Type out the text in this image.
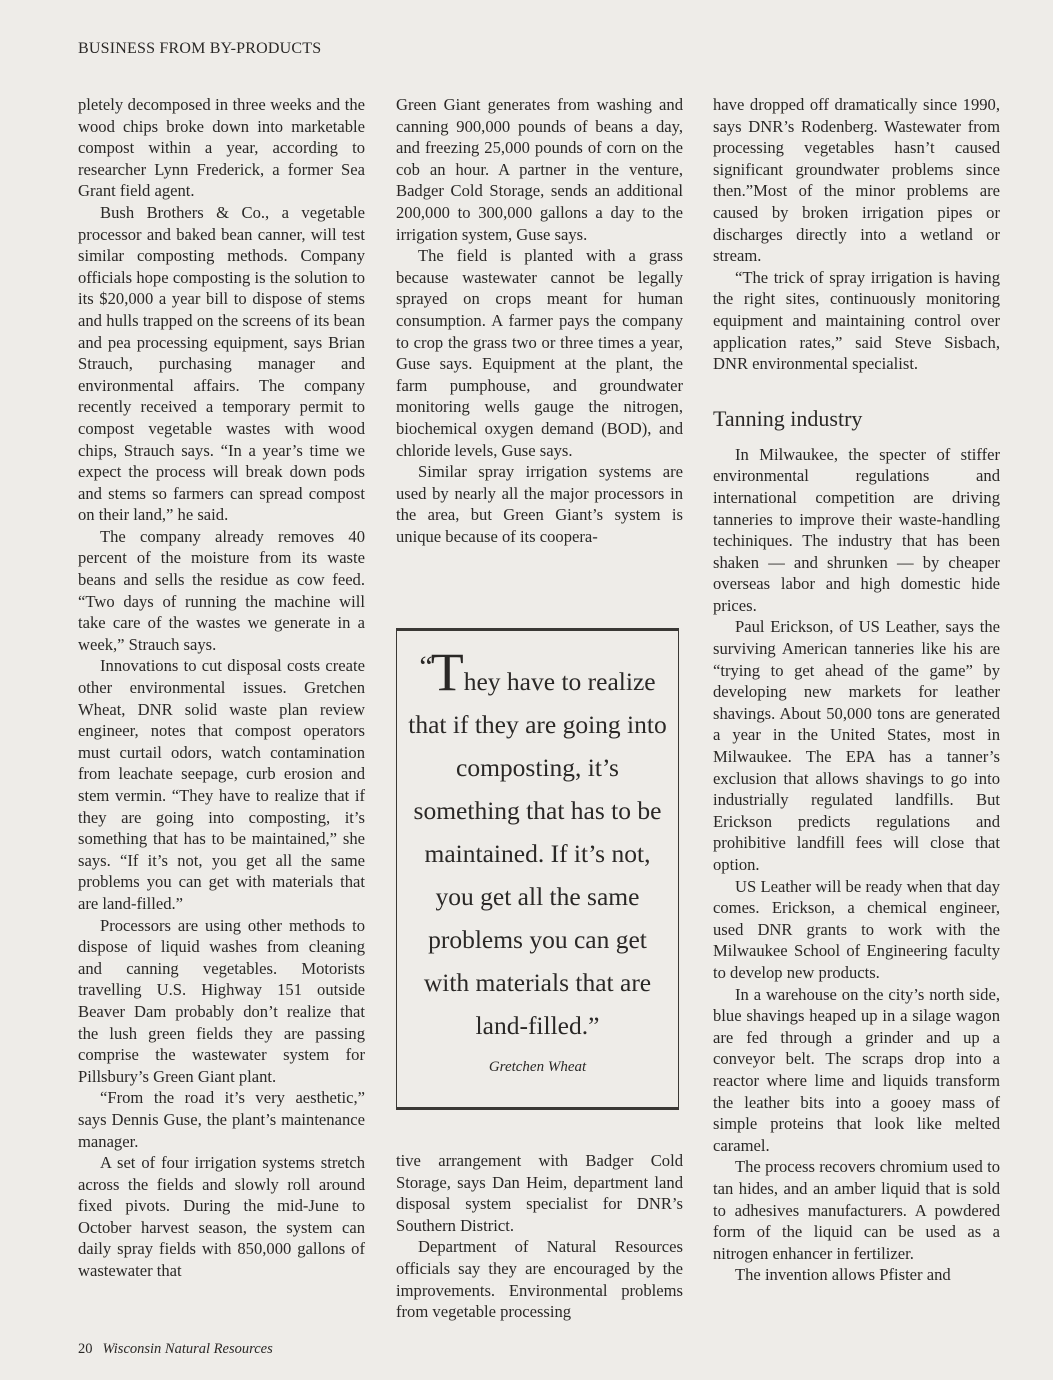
BUSINESS FROM BY-PRODUCTS

pletely decomposed in three weeks and the wood chips broke down into marketable compost within a year, according to researcher Lynn Frederick, a former Sea Grant field agent.

Bush Brothers & Co., a vegetable processor and baked bean canner, will test similar composting methods. Company officials hope composting is the solution to its $20,000 a year bill to dispose of stems and hulls trapped on the screens of its bean and pea processing equipment, says Brian Strauch, purchasing manager and environmental affairs. The company recently received a temporary permit to compost vegetable wastes with wood chips, Strauch says. “In a year’s time we expect the process will break down pods and stems so farmers can spread compost on their land,” he said.

The company already removes 40 percent of the moisture from its waste beans and sells the residue as cow feed. “Two days of running the machine will take care of the wastes we generate in a week,” Strauch says.

Innovations to cut disposal costs create other environmental issues. Gretchen Wheat, DNR solid waste plan review engineer, notes that compost operators must curtail odors, watch contamination from leachate seepage, curb erosion and stem vermin. “They have to realize that if they are going into composting, it’s something that has to be maintained,” she says. “If it’s not, you get all the same problems you can get with materials that are land-filled.”

Processors are using other methods to dispose of liquid washes from cleaning and canning vegetables. Motorists travelling U.S. Highway 151 outside Beaver Dam probably don’t realize that the lush green fields they are passing comprise the wastewater system for Pillsbury’s Green Giant plant.

“From the road it’s very aesthetic,” says Dennis Guse, the plant’s maintenance manager.

A set of four irrigation systems stretch across the fields and slowly roll around fixed pivots. During the mid-June to October harvest season, the system can daily spray fields with 850,000 gallons of wastewater that

Green Giant generates from washing and canning 900,000 pounds of beans a day, and freezing 25,000 pounds of corn on the cob an hour. A partner in the venture, Badger Cold Storage, sends an additional 200,000 to 300,000 gallons a day to the irrigation system, Guse says.

The field is planted with a grass because wastewater cannot be legally sprayed on crops meant for human consumption. A farmer pays the company to crop the grass two or three times a year, Guse says. Equipment at the plant, the farm pumphouse, and groundwater monitoring wells gauge the nitrogen, biochemical oxygen demand (BOD), and chloride levels, Guse says.

Similar spray irrigation systems are used by nearly all the major processors in the area, but Green Giant’s system is unique because of its coopera-

“They have to realize that if they are going into composting, it’s something that has to be maintained. If it’s not, you get all the same problems you can get with materials that are land-filled.”
Gretchen Wheat

tive arrangement with Badger Cold Storage, says Dan Heim, department land disposal system specialist for DNR’s Southern District.

Department of Natural Resources officials say they are encouraged by the improvements. Environmental problems from vegetable processing

have dropped off dramatically since 1990, says DNR’s Rodenberg. Wastewater from processing vegetables hasn’t caused significant groundwater problems since then.”Most of the minor problems are caused by broken irrigation pipes or discharges directly into a wetland or stream.

“The trick of spray irrigation is having the right sites, continuously monitoring equipment and maintaining control over application rates,” said Steve Sisbach, DNR environmental specialist.

Tanning industry

In Milwaukee, the specter of stiffer environmental regulations and international competition are driving tanneries to improve their waste-handling techiniques. The industry that has been shaken — and shrunken — by cheaper overseas labor and high domestic hide prices.

Paul Erickson, of US Leather, says the surviving American tanneries like his are “trying to get ahead of the game” by developing new markets for leather shavings. About 50,000 tons are generated a year in the United States, most in Milwaukee. The EPA has a tanner’s exclusion that allows shavings to go into industrially regulated landfills. But Erickson predicts regulations and prohibitive landfill fees will close that option.

US Leather will be ready when that day comes. Erickson, a chemical engineer, used DNR grants to work with the Milwaukee School of Engineering faculty to develop new products.

In a warehouse on the city’s north side, blue shavings heaped up in a silage wagon are fed through a grinder and up a conveyor belt. The scraps drop into a reactor where lime and liquids transform the leather bits into a gooey mass of simple proteins that look like melted caramel.

The process recovers chromium used to tan hides, and an amber liquid that is sold to adhesives manufacturers. A powdered form of the liquid can be used as a nitrogen enhancer in fertilizer.

The invention allows Pfister and

20 Wisconsin Natural Resources
